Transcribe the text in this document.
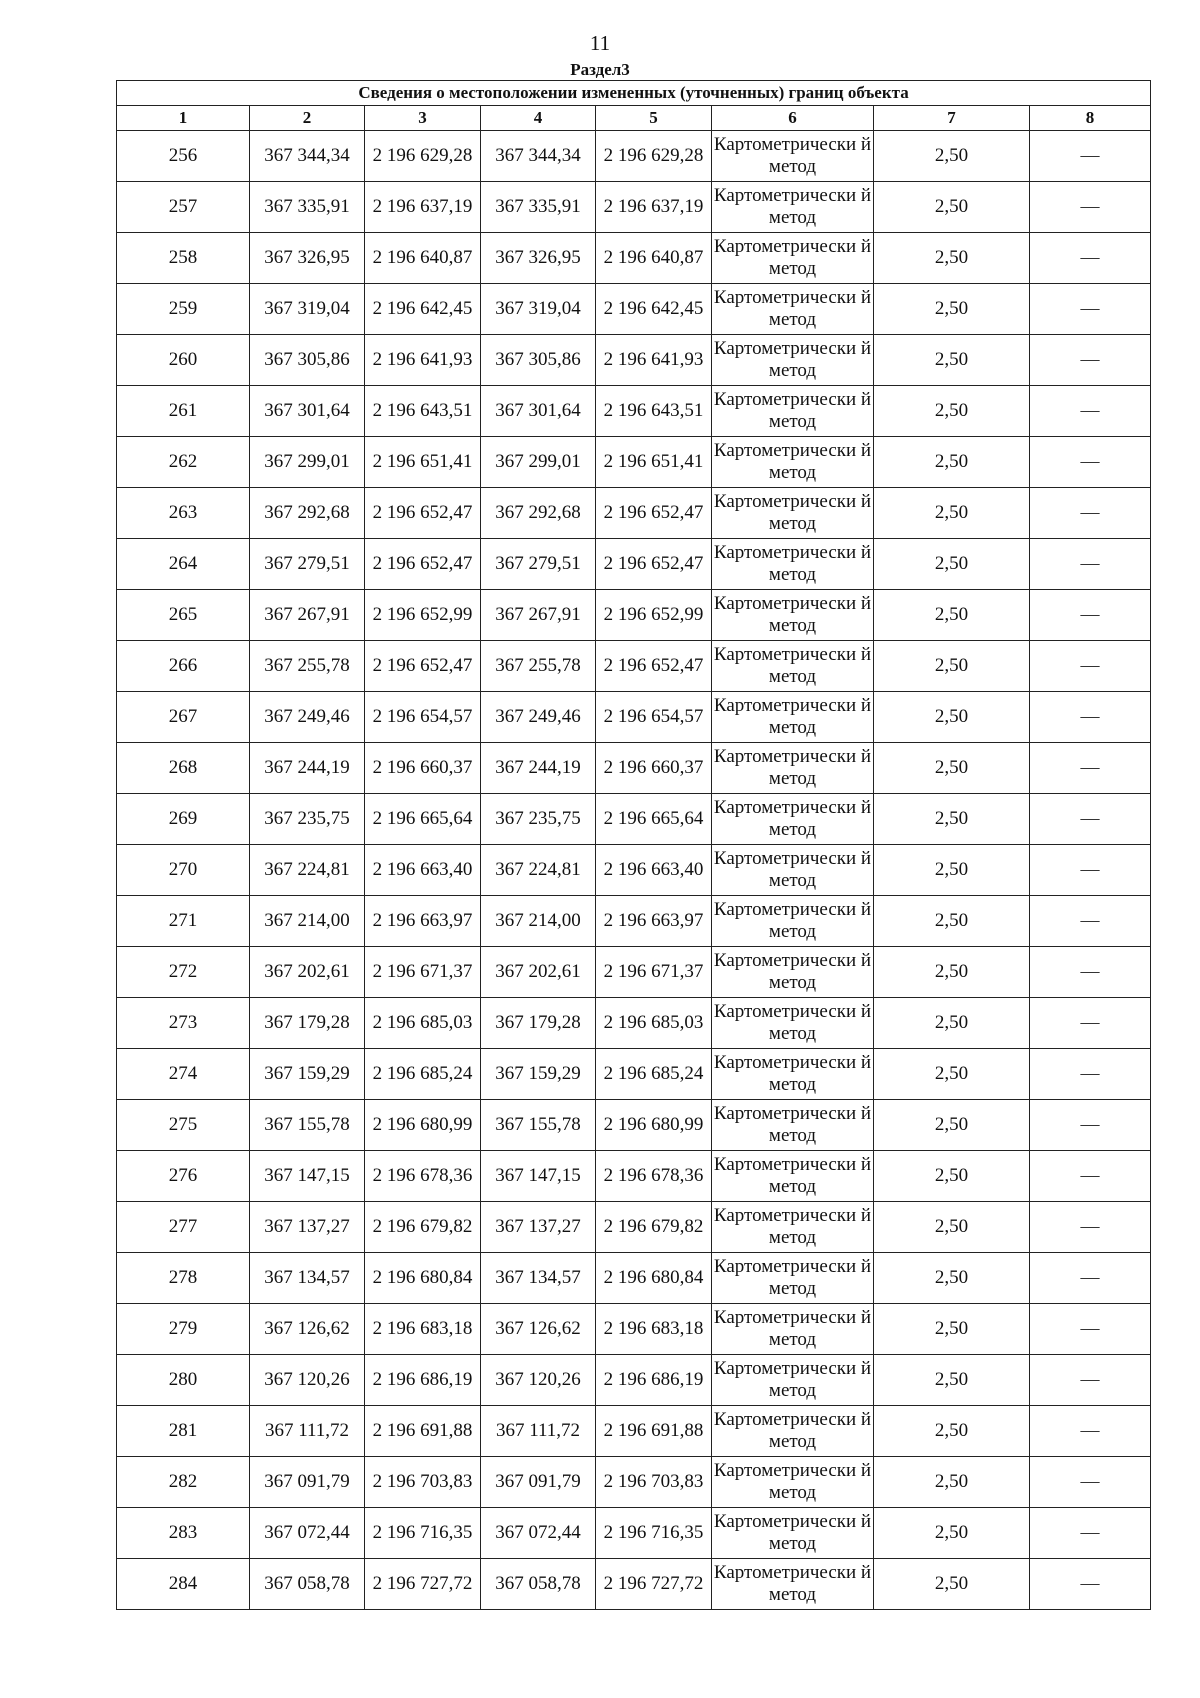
11
Раздел3
Сведения о местоположении измененных (уточненных) границ объекта							
1	2	3	4	5	6	7	8
256	367 344,34	2 196 629,28	367 344,34	2 196 629,28	Картометрически й метод	2,50	—
257	367 335,91	2 196 637,19	367 335,91	2 196 637,19	Картометрически й метод	2,50	—
258	367 326,95	2 196 640,87	367 326,95	2 196 640,87	Картометрически й метод	2,50	—
259	367 319,04	2 196 642,45	367 319,04	2 196 642,45	Картометрически й метод	2,50	—
260	367 305,86	2 196 641,93	367 305,86	2 196 641,93	Картометрически й метод	2,50	—
261	367 301,64	2 196 643,51	367 301,64	2 196 643,51	Картометрически й метод	2,50	—
262	367 299,01	2 196 651,41	367 299,01	2 196 651,41	Картометрически й метод	2,50	—
263	367 292,68	2 196 652,47	367 292,68	2 196 652,47	Картометрически й метод	2,50	—
264	367 279,51	2 196 652,47	367 279,51	2 196 652,47	Картометрически й метод	2,50	—
265	367 267,91	2 196 652,99	367 267,91	2 196 652,99	Картометрически й метод	2,50	—
266	367 255,78	2 196 652,47	367 255,78	2 196 652,47	Картометрически й метод	2,50	—
267	367 249,46	2 196 654,57	367 249,46	2 196 654,57	Картометрически й метод	2,50	—
268	367 244,19	2 196 660,37	367 244,19	2 196 660,37	Картометрически й метод	2,50	—
269	367 235,75	2 196 665,64	367 235,75	2 196 665,64	Картометрически й метод	2,50	—
270	367 224,81	2 196 663,40	367 224,81	2 196 663,40	Картометрически й метод	2,50	—
271	367 214,00	2 196 663,97	367 214,00	2 196 663,97	Картометрически й метод	2,50	—
272	367 202,61	2 196 671,37	367 202,61	2 196 671,37	Картометрически й метод	2,50	—
273	367 179,28	2 196 685,03	367 179,28	2 196 685,03	Картометрически й метод	2,50	—
274	367 159,29	2 196 685,24	367 159,29	2 196 685,24	Картометрически й метод	2,50	—
275	367 155,78	2 196 680,99	367 155,78	2 196 680,99	Картометрически й метод	2,50	—
276	367 147,15	2 196 678,36	367 147,15	2 196 678,36	Картометрически й метод	2,50	—
277	367 137,27	2 196 679,82	367 137,27	2 196 679,82	Картометрически й метод	2,50	—
278	367 134,57	2 196 680,84	367 134,57	2 196 680,84	Картометрически й метод	2,50	—
279	367 126,62	2 196 683,18	367 126,62	2 196 683,18	Картометрически й метод	2,50	—
280	367 120,26	2 196 686,19	367 120,26	2 196 686,19	Картометрически й метод	2,50	—
281	367 111,72	2 196 691,88	367 111,72	2 196 691,88	Картометрически й метод	2,50	—
282	367 091,79	2 196 703,83	367 091,79	2 196 703,83	Картометрически й метод	2,50	—
283	367 072,44	2 196 716,35	367 072,44	2 196 716,35	Картометрически й метод	2,50	—
284	367 058,78	2 196 727,72	367 058,78	2 196 727,72	Картометрически й метод	2,50	—
